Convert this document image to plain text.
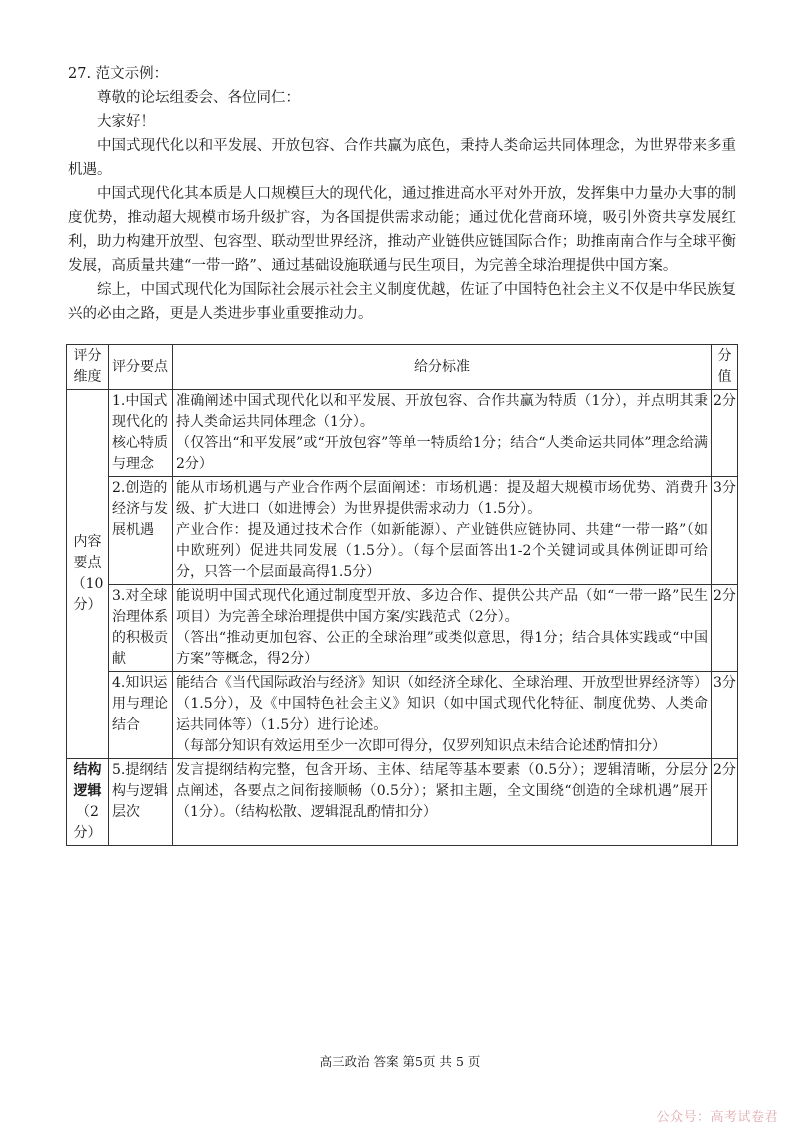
27. 范文示例：

尊敬的论坛组委会、各位同仁：

大家好！

中国式现代化以和平发展、开放包容、合作共赢为底色，秉持人类命运共同体理念，为世界带来多重机遇。

中国式现代化其本质是人口规模巨大的现代化，通过推进高水平对外开放，发挥集中力量办大事的制度优势，推动超大规模市场升级扩容，为各国提供需求动能；通过优化营商环境，吸引外资共享发展红利，助力构建开放型、包容型、联动型世界经济，推动产业链供应链国际合作；助推南南合作与全球平衡发展，高质量共建“一带一路”、通过基础设施联通与民生项目，为完善全球治理提供中国方案。

综上，中国式现代化为国际社会展示社会主义制度优越，佐证了中国特色社会主义不仅是中华民族复兴的必由之路，更是人类进步事业重要推动力。

评分维度	评分要点	给分标准	分值
内容要点（10分）	1.中国式现代化的核心特质与理念	准确阐述中国式现代化以和平发展、开放包容、合作共赢为特质（1分），并点明其秉持人类命运共同体理念（1分）。
（仅答出“和平发展”或“开放包容”等单一特质给1分；结合“人类命运共同体”理念给满2分）	2分
	2.创造的经济与发展机遇	能从市场机遇与产业合作两个层面阐述：市场机遇：提及超大规模市场优势、消费升级、扩大进口（如进博会）为世界提供需求动力（1.5分）。
产业合作：提及通过技术合作（如新能源）、产业链供应链协同、共建“一带一路”（如中欧班列）促进共同发展（1.5分）。（每个层面答出1-2个关键词或具体例证即可给分，只答一个层面最高得1.5分）	3分
	3.对全球治理体系的积极贡献	能说明中国式现代化通过制度型开放、多边合作、提供公共产品（如“一带一路”民生项目）为完善全球治理提供中国方案/实践范式（2分）。
（答出“推动更加包容、公正的全球治理”或类似意思，得1分；结合具体实践或“中国方案”等概念，得2分）	2分
	4.知识运用与理论结合	能结合《当代国际政治与经济》知识（如经济全球化、全球治理、开放型世界经济等）（1.5分），及《中国特色社会主义》知识（如中国式现代化特征、制度优势、人类命运共同体等）（1.5分）进行论述。
（每部分知识有效运用至少一次即可得分，仅罗列知识点未结合论述酌情扣分）	3分
结构逻辑（2分）	5.提纲结构与逻辑层次	发言提纲结构完整，包含开场、主体、结尾等基本要素（0.5分）；逻辑清晰，分层分点阐述，各要点之间衔接顺畅（0.5分）；紧扣主题，全文围绕“创造的全球机遇”展开（1分）。（结构松散、逻辑混乱酌情扣分）	2分
高三政治 答案 第5页 共 5 页
公众号：高考试卷君
